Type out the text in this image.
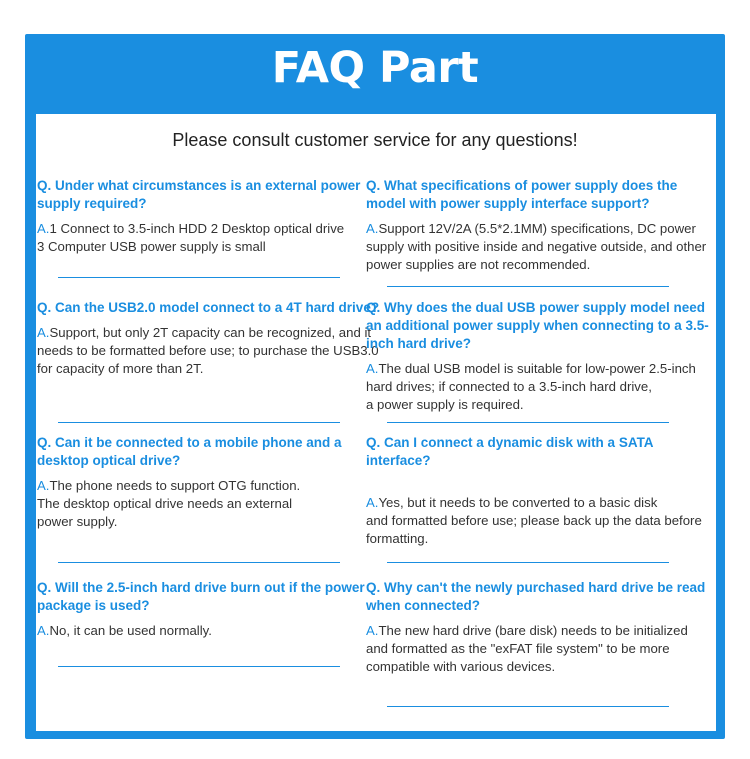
FAQ Part
Please consult customer service for any questions!

Q. Under what circumstances is an external power supply required?

A.1 Connect to 3.5-inch HDD 2 Desktop optical drive
3 Computer USB power supply is small

Q. What specifications of power supply does the model with power supply interface support?

A.Support 12V/2A (5.5*2.1MM) specifications, DC power supply with positive inside and negative outside, and other power supplies are not recommended.

Q. Can the USB2.0 model connect to a 4T hard drive?

A.Support, but only 2T capacity can be recognized, and it needs to be formatted before use; to purchase the USB3.0 for capacity of more than 2T.

Q. Why does the dual USB power supply model need an additional power supply when connecting to a 3.5-inch hard drive?

A.The dual USB model is suitable for low-power 2.5-inch hard drives; if connected to a 3.5-inch hard drive,
a power supply is required.

Q. Can it be connected to a mobile phone and a desktop optical drive?

A.The phone needs to support OTG function.
The desktop optical drive needs an external
power supply.

Q. Can I connect a dynamic disk with a SATA interface?

A.Yes, but it needs to be converted to a basic disk
and formatted before use; please back up the data before formatting.

Q. Will the 2.5-inch hard drive burn out if the power package is used?

A.No, it can be used normally.

Q. Why can't the newly purchased hard drive be read when connected?

A.The new hard drive (bare disk) needs to be initialized and formatted as the "exFAT file system" to be more compatible with various devices.
